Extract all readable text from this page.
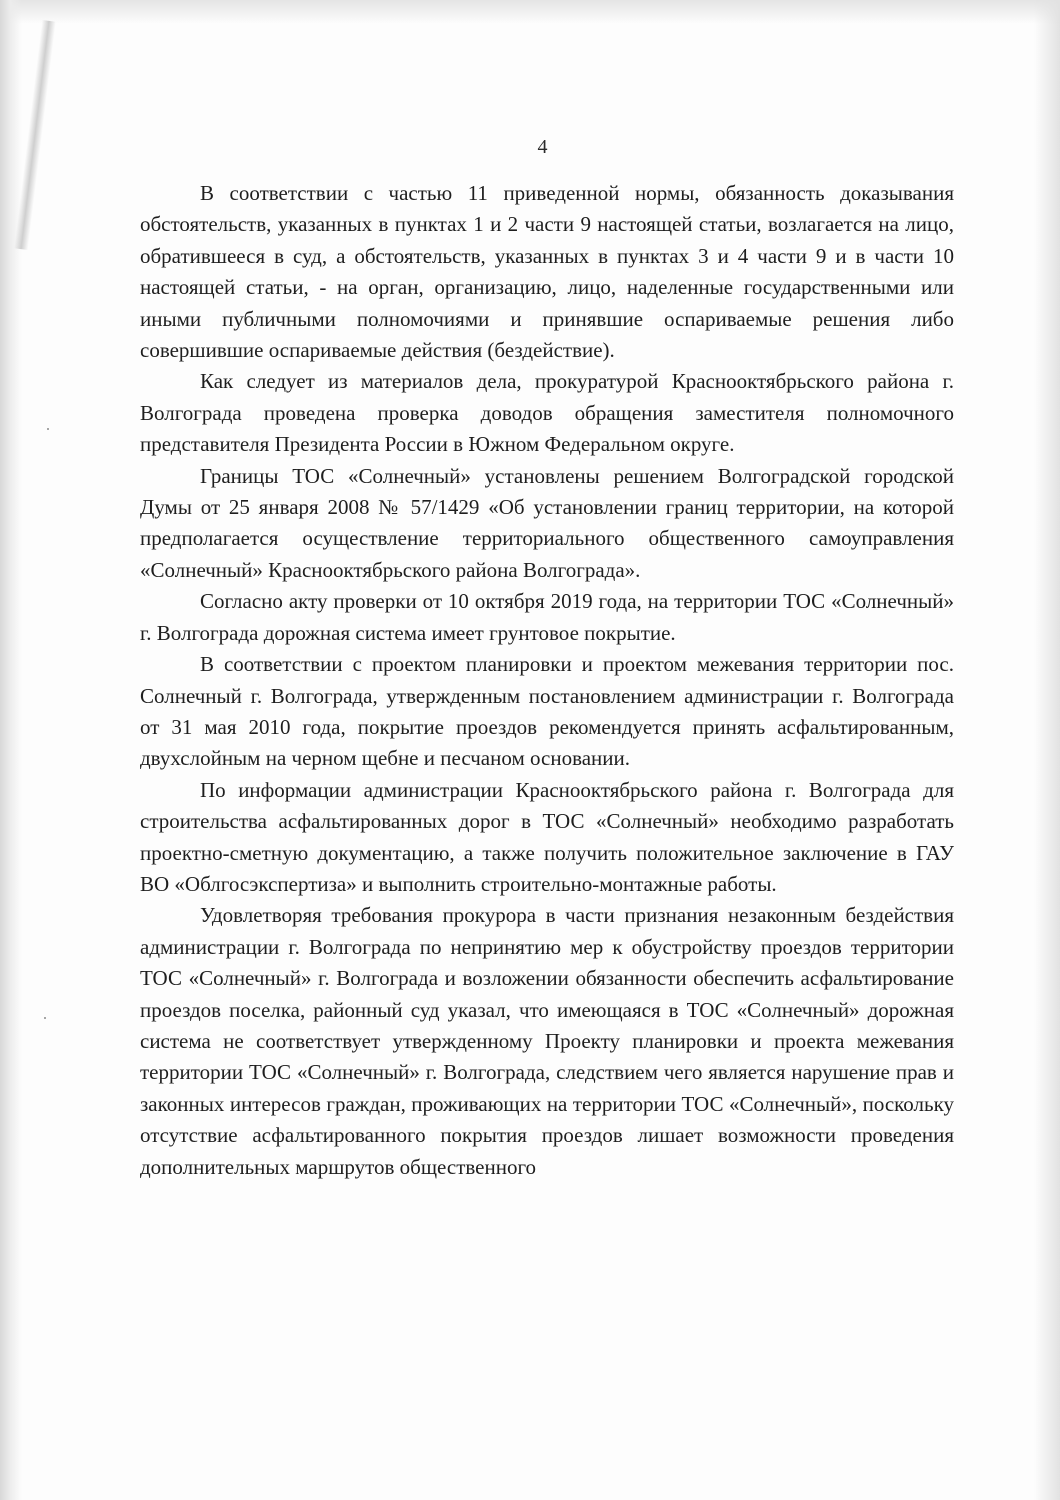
4

В соответствии с частью 11 приведенной нормы, обязанность доказывания обстоятельств, указанных в пунктах 1 и 2 части 9 настоящей статьи, возлагается на лицо, обратившееся в суд, а обстоятельств, указанных в пунктах 3 и 4 части 9 и в части 10 настоящей статьи, - на орган, организацию, лицо, наделенные государственными или иными публичными полномочиями и принявшие оспариваемые решения либо совершившие оспариваемые действия (бездействие).

Как следует из материалов дела, прокуратурой Краснооктябрьского района г. Волгограда проведена проверка доводов обращения заместителя полномочного представителя Президента России в Южном Федеральном округе.

Границы ТОС «Солнечный» установлены решением Волгоградской городской Думы от 25 января 2008 № 57/1429 «Об установлении границ территории, на которой предполагается осуществление территориального общественного самоуправления «Солнечный» Краснооктябрьского района Волгограда».

Согласно акту проверки от 10 октября 2019 года, на территории ТОС «Солнечный» г. Волгограда дорожная система имеет грунтовое покрытие.

В соответствии с проектом планировки и проектом межевания территории пос. Солнечный г. Волгограда, утвержденным постановлением администрации г. Волгограда от 31 мая 2010 года, покрытие проездов рекомендуется принять асфальтированным, двухслойным на черном щебне и песчаном основании.

По информации администрации Краснооктябрьского района г. Волгограда для строительства асфальтированных дорог в ТОС «Солнечный» необходимо разработать проектно-сметную документацию, а также получить положительное заключение в ГАУ ВО «Облгосэкспертиза» и выполнить строительно-монтажные работы.

Удовлетворяя требования прокурора в части признания незаконным бездействия администрации г. Волгограда по непринятию мер к обустройству проездов территории ТОС «Солнечный» г. Волгограда и возложении обязанности обеспечить асфальтирование проездов поселка, районный суд указал, что имеющаяся в ТОС «Солнечный» дорожная система не соответствует утвержденному Проекту планировки и проекта межевания территории ТОС «Солнечный» г. Волгограда, следствием чего является нарушение прав и законных интересов граждан, проживающих на территории ТОС «Солнечный», поскольку отсутствие асфальтированного покрытия проездов лишает возможности проведения дополнительных маршрутов общественного
